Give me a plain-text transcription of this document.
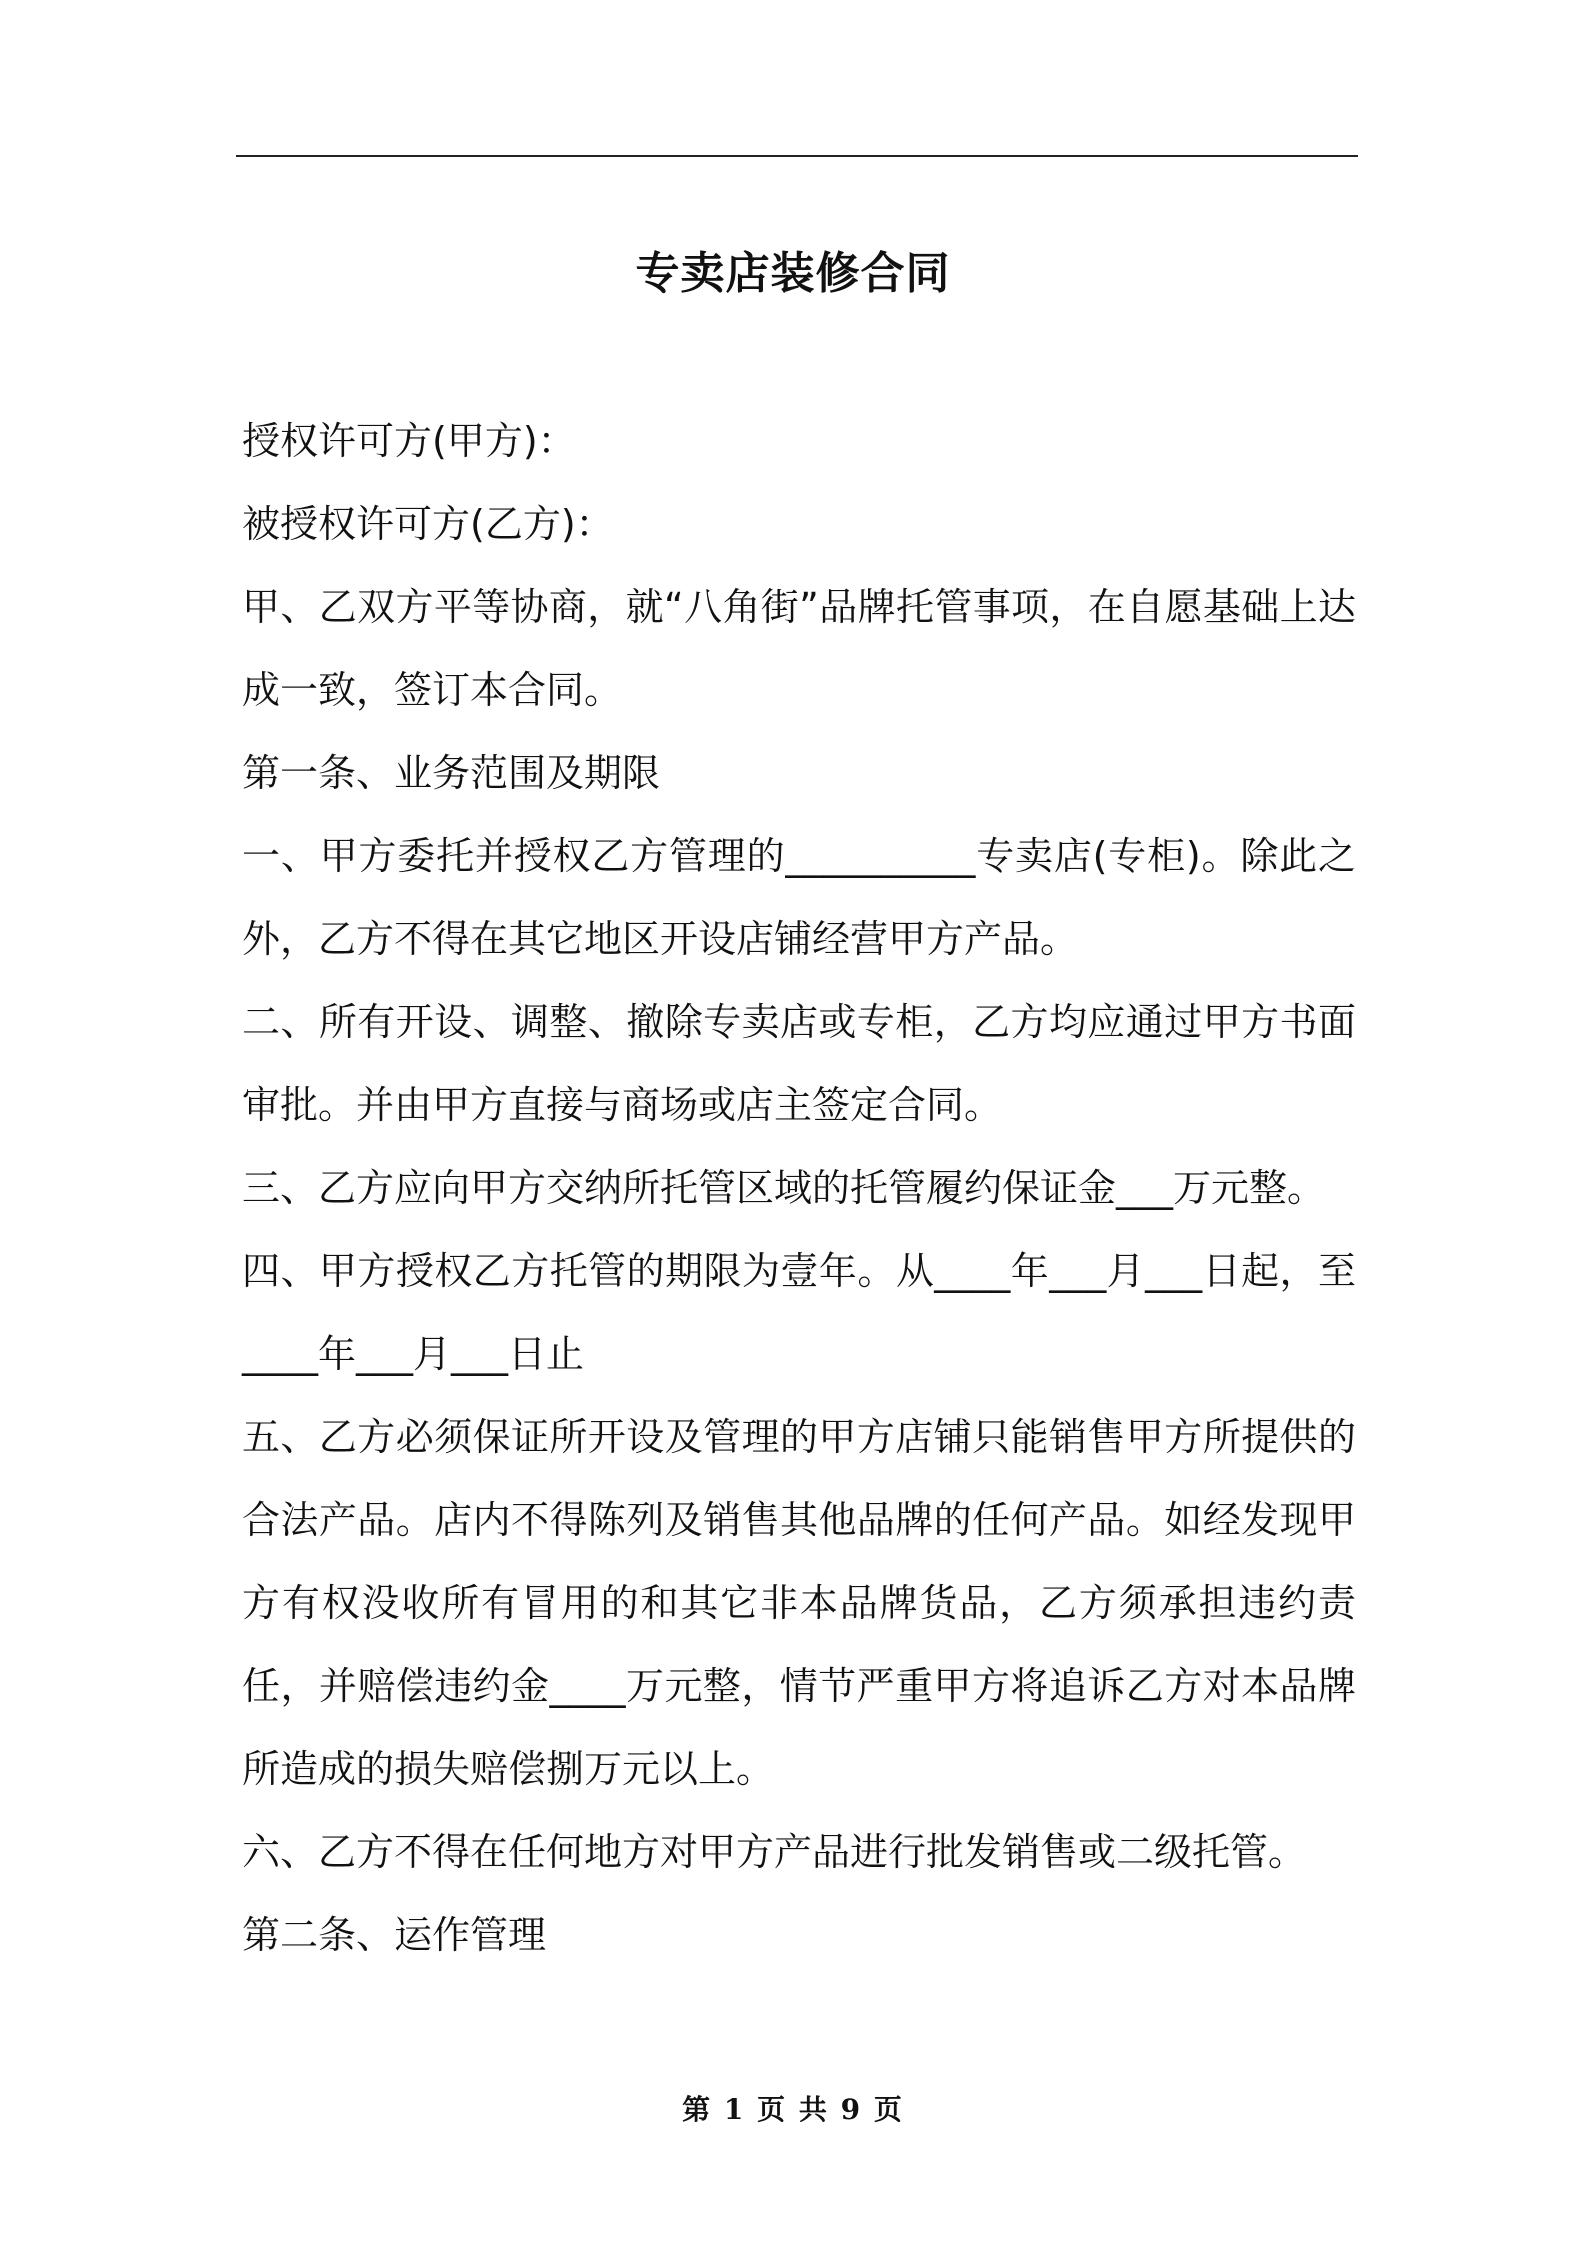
专卖店装修合同

授权许可方(甲方)：

被授权许可方(乙方)：

甲、乙双方平等协商，就“八角街”品牌托管事项，在自愿基础上达成一致，签订本合同。

第一条、业务范围及期限

一、甲方委托并授权乙方管理的__________专卖店(专柜)。除此之外，乙方不得在其它地区开设店铺经营甲方产品。

二、所有开设、调整、撤除专卖店或专柜，乙方均应通过甲方书面审批。并由甲方直接与商场或店主签定合同。

三、乙方应向甲方交纳所托管区域的托管履约保证金___万元整。

四、甲方授权乙方托管的期限为壹年。从____年___月___日起，至____年___月___日止

五、乙方必须保证所开设及管理的甲方店铺只能销售甲方所提供的合法产品。店内不得陈列及销售其他品牌的任何产品。如经发现甲方有权没收所有冒用的和其它非本品牌货品，乙方须承担违约责任，并赔偿违约金____万元整，情节严重甲方将追诉乙方对本品牌所造成的损失赔偿捌万元以上。

六、乙方不得在任何地方对甲方产品进行批发销售或二级托管。

第二条、运作管理

第 1 页 共 9 页
